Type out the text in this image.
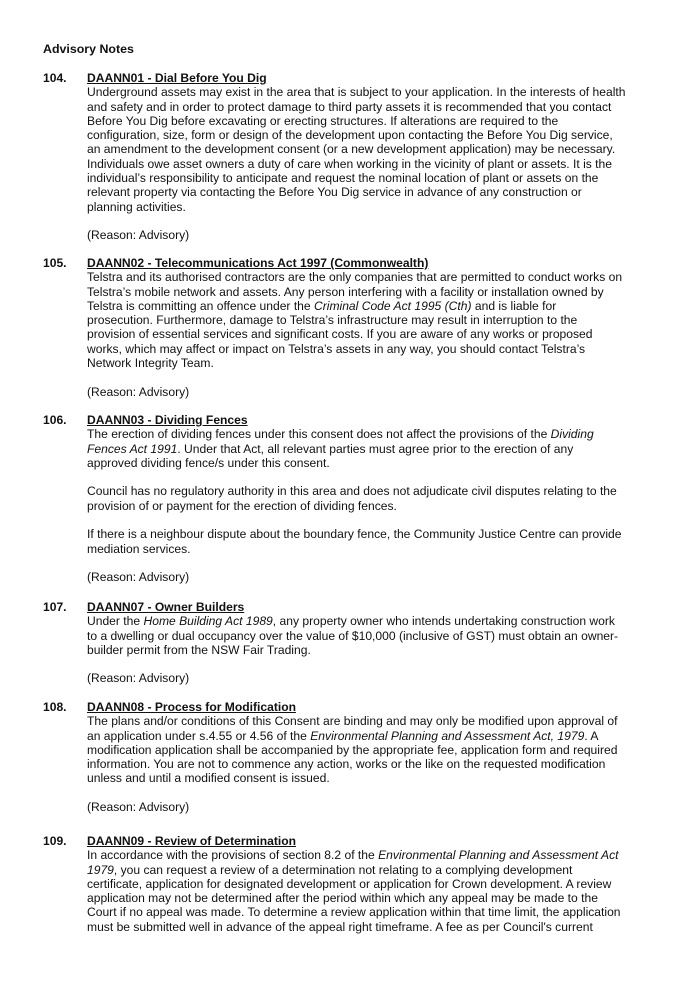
Advisory Notes
104. DAANN01 - Dial Before You Dig
Underground assets may exist in the area that is subject to your application. In the interests of health
and safety and in order to protect damage to third party assets it is recommended that you contact
Before You Dig before excavating or erecting structures. If alterations are required to the
configuration, size, form or design of the development upon contacting the Before You Dig service,
an amendment to the development consent (or a new development application) may be necessary.
Individuals owe asset owners a duty of care when working in the vicinity of plant or assets. It is the
individual’s responsibility to anticipate and request the nominal location of plant or assets on the
relevant property via contacting the Before You Dig service in advance of any construction or
planning activities.
(Reason: Advisory)
105. DAANN02 - Telecommunications Act 1997 (Commonwealth)
Telstra and its authorised contractors are the only companies that are permitted to conduct works on
Telstra’s mobile network and assets. Any person interfering with a facility or installation owned by
Telstra is committing an offence under the Criminal Code Act 1995 (Cth) and is liable for
prosecution. Furthermore, damage to Telstra’s infrastructure may result in interruption to the
provision of essential services and significant costs. If you are aware of any works or proposed
works, which may affect or impact on Telstra’s assets in any way, you should contact Telstra’s
Network Integrity Team.
(Reason: Advisory)
106. DAANN03 - Dividing Fences
The erection of dividing fences under this consent does not affect the provisions of the Dividing
Fences Act 1991. Under that Act, all relevant parties must agree prior to the erection of any
approved dividing fence/s under this consent.
Council has no regulatory authority in this area and does not adjudicate civil disputes relating to the
provision of or payment for the erection of dividing fences.
If there is a neighbour dispute about the boundary fence, the Community Justice Centre can provide
mediation services.
(Reason: Advisory)
107. DAANN07 - Owner Builders
Under the Home Building Act 1989, any property owner who intends undertaking construction work
to a dwelling or dual occupancy over the value of $10,000 (inclusive of GST) must obtain an owner-
builder permit from the NSW Fair Trading.
(Reason: Advisory)
108. DAANN08 - Process for Modification
The plans and/or conditions of this Consent are binding and may only be modified upon approval of
an application under s.4.55 or 4.56 of the Environmental Planning and Assessment Act, 1979. A
modification application shall be accompanied by the appropriate fee, application form and required
information. You are not to commence any action, works or the like on the requested modification
unless and until a modified consent is issued.
(Reason: Advisory)
109. DAANN09 - Review of Determination
In accordance with the provisions of section 8.2 of the Environmental Planning and Assessment Act
1979, you can request a review of a determination not relating to a complying development
certificate, application for designated development or application for Crown development. A review
application may not be determined after the period within which any appeal may be made to the
Court if no appeal was made. To determine a review application within that time limit, the application
must be submitted well in advance of the appeal right timeframe. A fee as per Council's current
